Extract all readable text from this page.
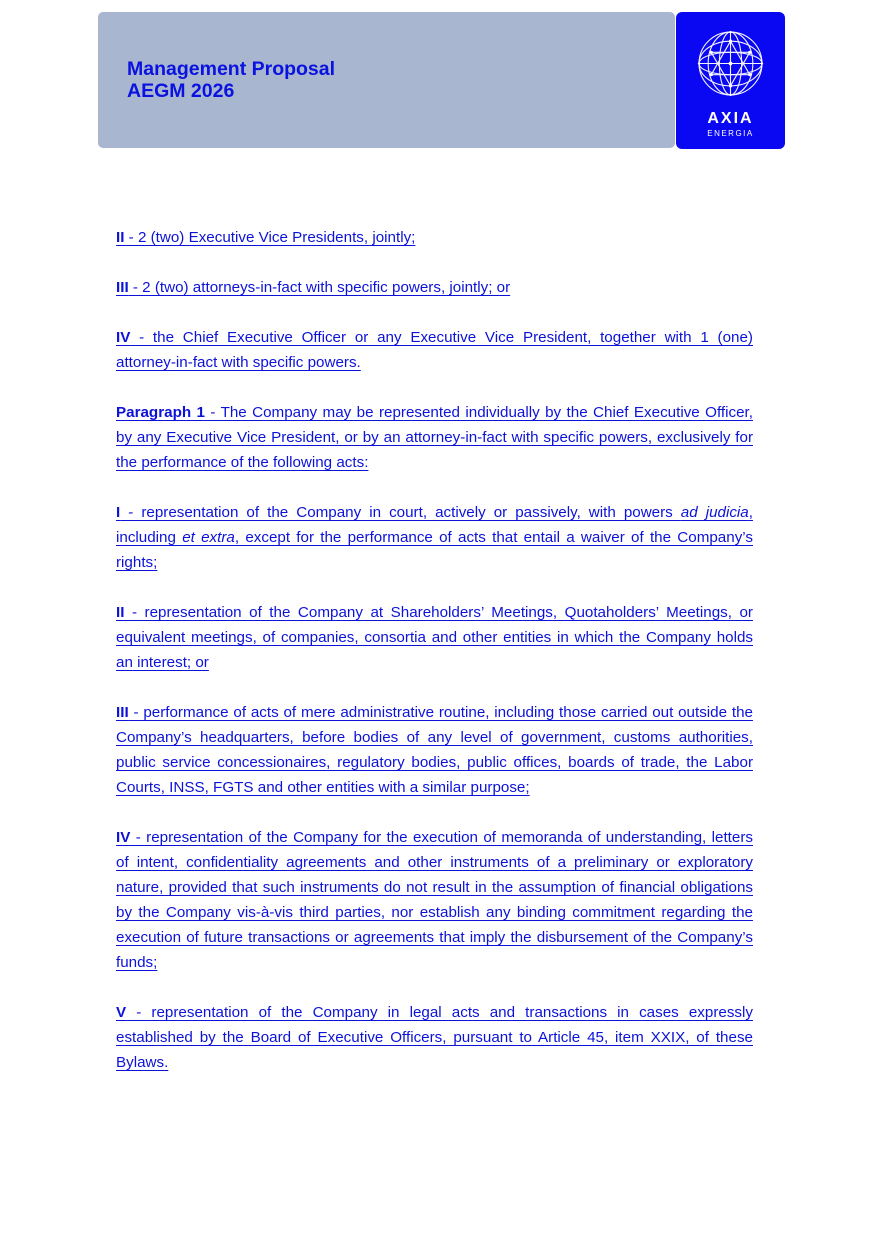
Management Proposal
AEGM 2026
AXIA
ENERGIA

II - 2 (two) Executive Vice Presidents, jointly;

III - 2 (two) attorneys-in-fact with specific powers, jointly; or

IV - the Chief Executive Officer or any Executive Vice President, together with 1 (one) attorney-in-fact with specific powers.

Paragraph 1 - The Company may be represented individually by the Chief Executive Officer, by any Executive Vice President, or by an attorney-in-fact with specific powers, exclusively for the performance of the following acts:

I - representation of the Company in court, actively or passively, with powers ad judicia, including et extra, except for the performance of acts that entail a waiver of the Company’s rights;

II - representation of the Company at Shareholders’ Meetings, Quotaholders’ Meetings, or equivalent meetings, of companies, consortia and other entities in which the Company holds an interest; or

III - performance of acts of mere administrative routine, including those carried out outside the Company’s headquarters, before bodies of any level of government, customs authorities, public service concessionaires, regulatory bodies, public offices, boards of trade, the Labor Courts, INSS, FGTS and other entities with a similar purpose;

IV - representation of the Company for the execution of memoranda of understanding, letters of intent, confidentiality agreements and other instruments of a preliminary or exploratory nature, provided that such instruments do not result in the assumption of financial obligations by the Company vis-à-vis third parties, nor establish any binding commitment regarding the execution of future transactions or agreements that imply the disbursement of the Company’s funds;

V - representation of the Company in legal acts and transactions in cases expressly established by the Board of Executive Officers, pursuant to Article 45, item XXIX, of these Bylaws.
